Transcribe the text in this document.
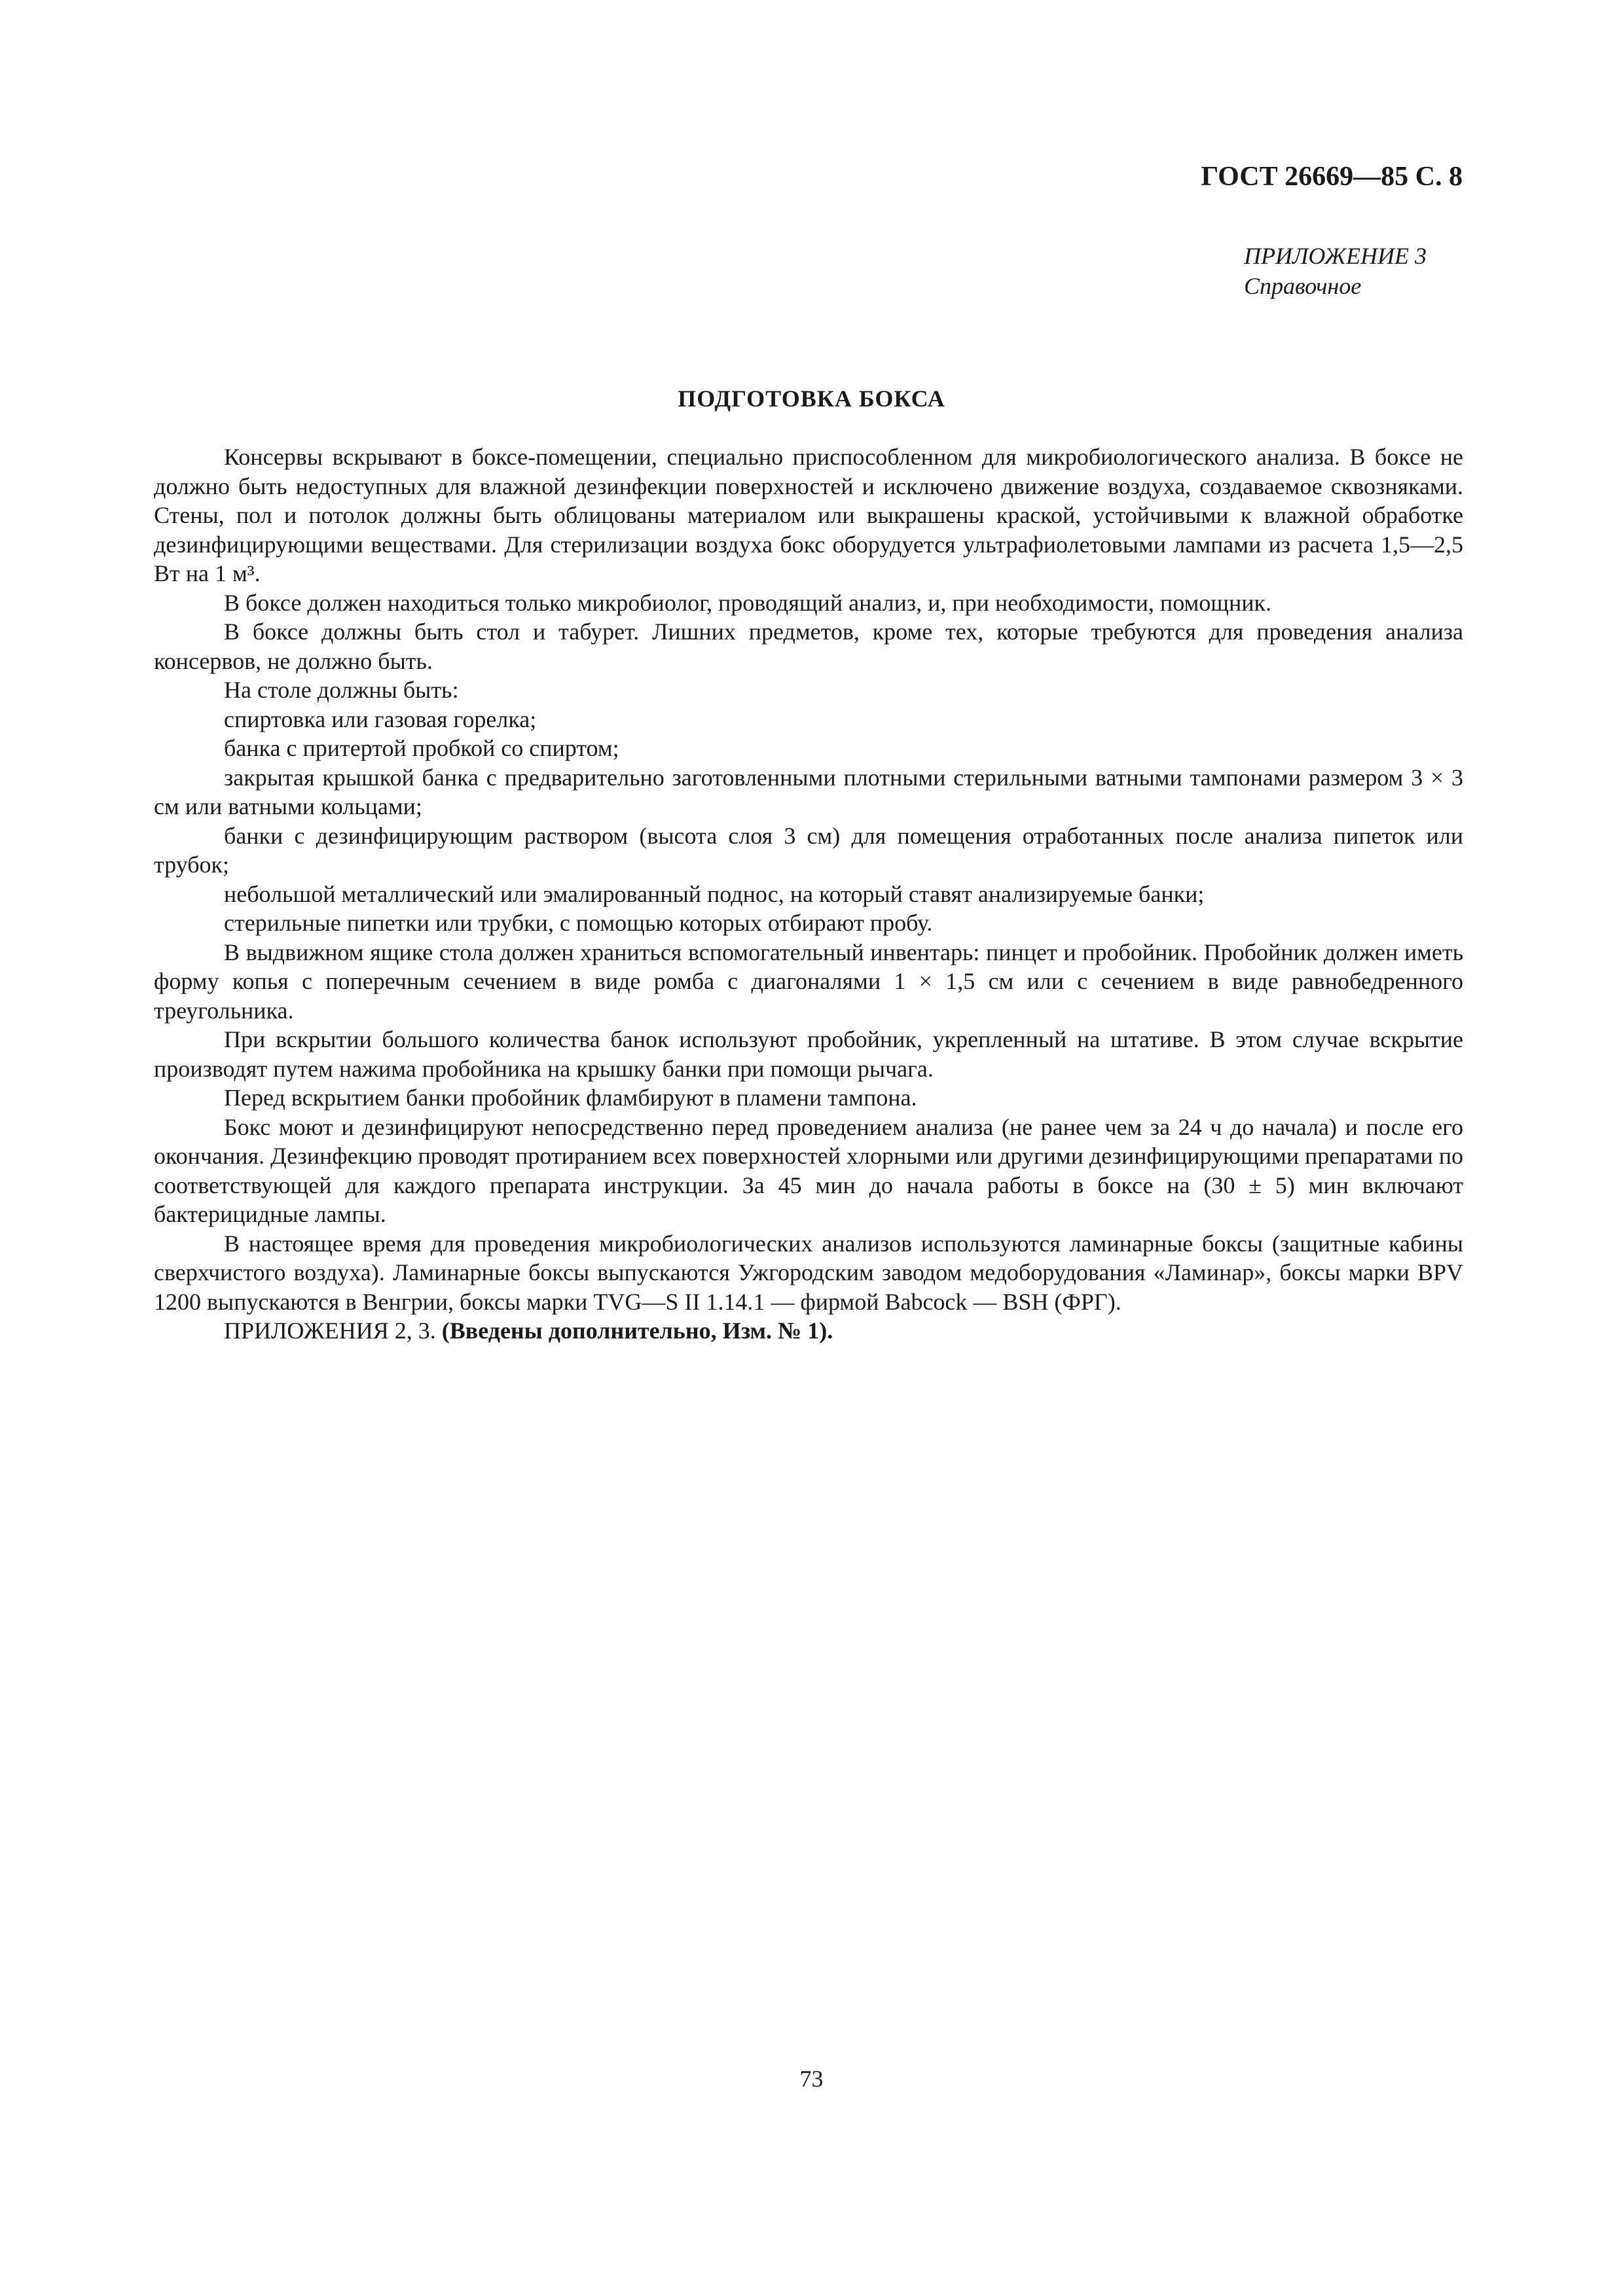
ГОСТ 26669—85 С. 8
ПРИЛОЖЕНИЕ 3
Справочное
ПОДГОТОВКА БОКСА

Консервы вскрывают в боксе-помещении, специально приспособленном для микробиологического анализа. В боксе не должно быть недоступных для влажной дезинфекции поверхностей и исключено движение воздуха, создаваемое сквозняками. Стены, пол и потолок должны быть облицованы материалом или выкрашены краской, устойчивыми к влажной обработке дезинфицирующими веществами. Для стерилизации воздуха бокс оборудуется ультрафиолетовыми лампами из расчета 1,5—2,5 Вт на 1 м³.

В боксе должен находиться только микробиолог, проводящий анализ, и, при необходимости, помощник.

В боксе должны быть стол и табурет. Лишних предметов, кроме тех, которые требуются для проведения анализа консервов, не должно быть.

На столе должны быть:

спиртовка или газовая горелка;

банка с притертой пробкой со спиртом;

закрытая крышкой банка с предварительно заготовленными плотными стерильными ватными тампонами размером 3 × 3 см или ватными кольцами;

банки с дезинфицирующим раствором (высота слоя 3 см) для помещения отработанных после анализа пипеток или трубок;

небольшой металлический или эмалированный поднос, на который ставят анализируемые банки;

стерильные пипетки или трубки, с помощью которых отбирают пробу.

В выдвижном ящике стола должен храниться вспомогательный инвентарь: пинцет и пробойник. Пробойник должен иметь форму копья с поперечным сечением в виде ромба с диагоналями 1 × 1,5 см или с сечением в виде равнобедренного треугольника.

При вскрытии большого количества банок используют пробойник, укрепленный на штативе. В этом случае вскрытие производят путем нажима пробойника на крышку банки при помощи рычага.

Перед вскрытием банки пробойник фламбируют в пламени тампона.

Бокс моют и дезинфицируют непосредственно перед проведением анализа (не ранее чем за 24 ч до начала) и после его окончания. Дезинфекцию проводят протиранием всех поверхностей хлорными или другими дезинфицирующими препаратами по соответствующей для каждого препарата инструкции. За 45 мин до начала работы в боксе на (30 ± 5) мин включают бактерицидные лампы.

В настоящее время для проведения микробиологических анализов используются ламинарные боксы (защитные кабины сверхчистого воздуха). Ламинарные боксы выпускаются Ужгородским заводом медоборудования «Ламинар», боксы марки BPV 1200 выпускаются в Венгрии, боксы марки TVG—S II 1.14.1 — фирмой Babcock — BSH (ФРГ).

ПРИЛОЖЕНИЯ 2, 3. (Введены дополнительно, Изм. № 1).

73
